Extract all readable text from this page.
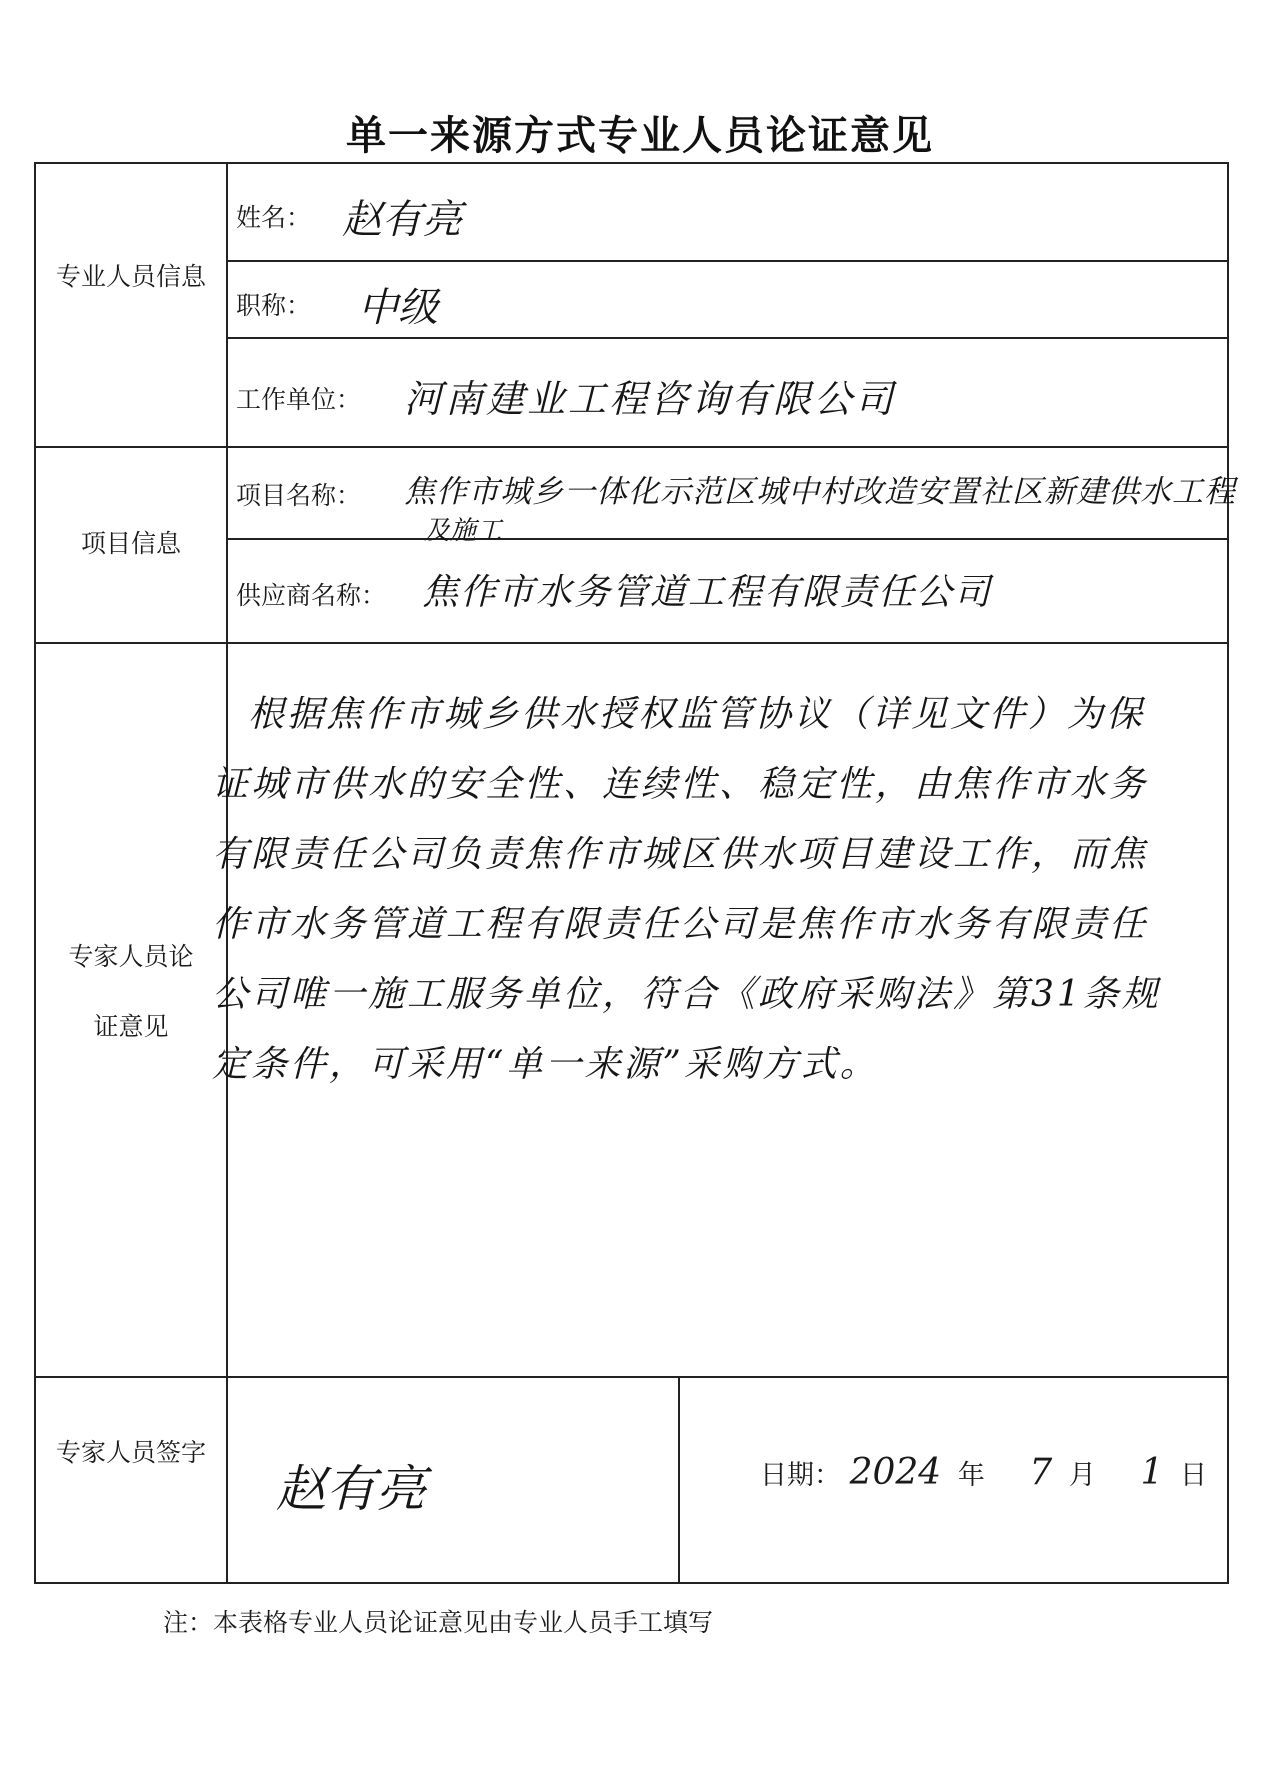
单一来源方式专业人员论证意见
专业人员信息
项目信息
专家人员论证意见
专家人员签字
姓名：
职称：
工作单位：
项目名称：
供应商名称：
赵有亮
中级
河南建业工程咨询有限公司
焦作市城乡一体化示范区城中村改造安置社区新建供水工程
及施工
焦作市水务管道工程有限责任公司
赵有亮
根据焦作市城乡供水授权监管协议（详见文件）为保证城市供水的安全性、连续性、稳定性，由焦作市水务有限责任公司负责焦作市城区供水项目建设工作，而焦作市水务管道工程有限责任公司是焦作市水务有限责任公司唯一施工服务单位，符合《政府采购法》第31条规定条件，可采用“单一来源”采购方式。
日期： 2024 年 7 月 1 日
注：本表格专业人员论证意见由专业人员手工填写
